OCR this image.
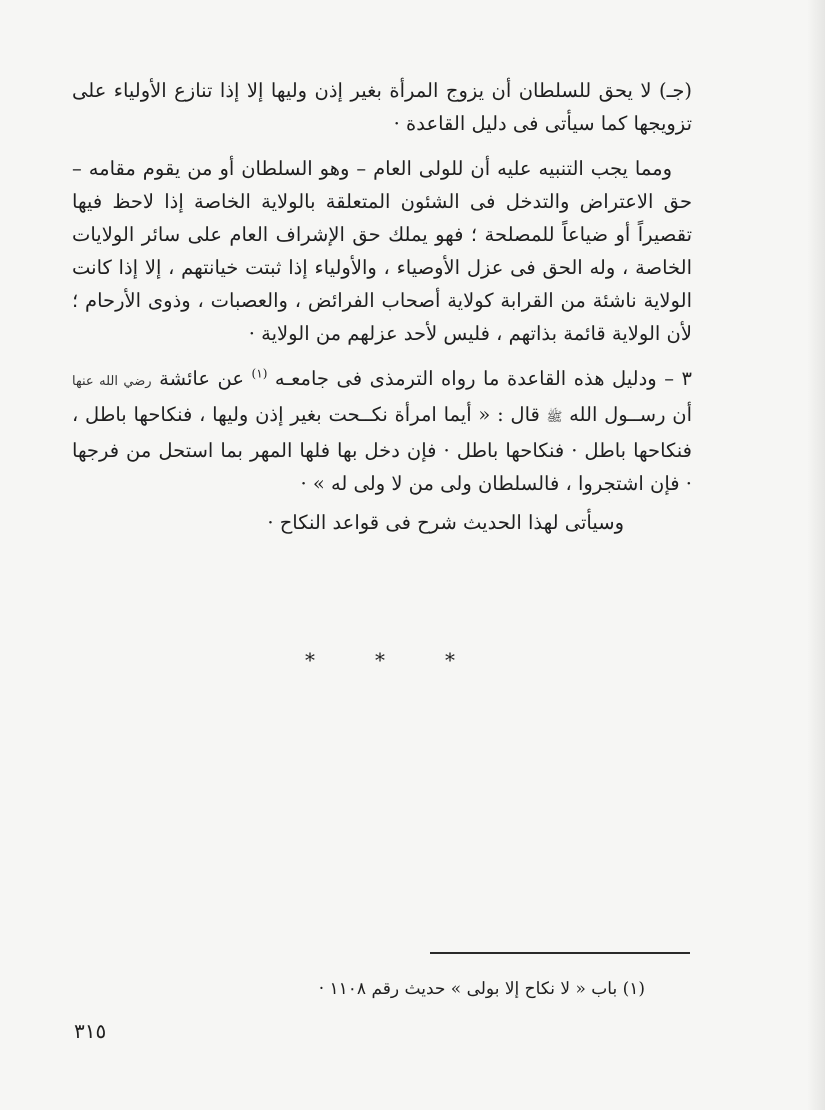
(جـ) لا يحق للسلطان أن يزوج المرأة بغير إذن وليها إلا إذا تنازع الأولياء على تزويجها كما سيأتى فى دليل القاعدة ·

ومما يجب التنبيه عليه أن للولى العام – وهو السلطان أو من يقوم مقامه – حق الاعتراض والتدخل فى الشئون المتعلقة بالولاية الخاصة إذا لاحظ فيها تقصيراً أو ضياعاً للمصلحة ؛ فهو يملك حق الإشراف العام على سائر الولايات الخاصة ، وله الحق فى عزل الأوصياء ، والأولياء إذا ثبتت خيانتهم ، إلا إذا كانت الولاية ناشئة من القرابة كولاية أصحاب الفرائض ، والعصبات ، وذوى الأرحام ؛ لأن الولاية قائمة بذاتهم ، فليس لأحد عزلهم من الولاية ·

٣ – ودليل هذه القاعدة ما رواه الترمذى فى جامعـه $^{(١)}$ عن عائشة رضي الله عنها أن رســول الله ﷺ قال : « أيما امرأة نكــحت بغير إذن وليها ، فنكاحها باطل ، فنكاحها باطل · فنكاحها باطل · فإن دخل بها فلها المهر بما استحل من فرجها · فإن اشتجروا ، فالسلطان ولى من لا ولى له » ·

وسيأتى لهذا الحديث شرح فى قواعد النكاح ·

*	*	*
(١) باب « لا نكاح إلا بولى » حديث رقم ١١٠٨ ·
٣١٥
